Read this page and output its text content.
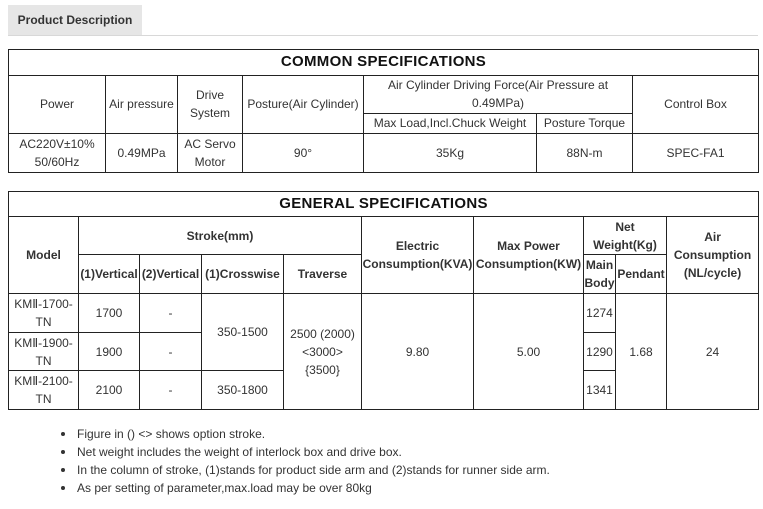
Product Description
COMMON SPECIFICATIONS						
Power	Air pressure	Drive System	Posture(Air Cylinder)	Air Cylinder Driving Force(Air Pressure at 0.49MPa)		Control Box
				Max Load,Incl.Chuck Weight	Posture Torque	
AC220V±10% 50/60Hz	0.49MPa	AC Servo Motor	90°	35Kg	88N-m	SPEC-FA1
GENERAL SPECIFICATIONS									
Model	Stroke(mm)				Electric Consumption(KVA)	Max Power Consumption(KW)	Net Weight(Kg)		Air Consumption (NL/cycle)
	(1)Vertical	(2)Vertical	(1)Crosswise	Traverse			Main Body	Pendant	
KMⅡ-1700-TN	1700	-	350-1500	2500 (2000) <3000> {3500}	9.80	5.00	1274	1.68	24
KMⅡ-1900-TN	1900	-					1290		
KMⅡ-2100-TN	2100	-	350-1800				1341		
Figure in () <> shows option stroke.
Net weight includes the weight of interlock box and drive box.
In the column of stroke, (1)stands for product side arm and (2)stands for runner side arm.
As per setting of parameter,max.load may be over 80kg
